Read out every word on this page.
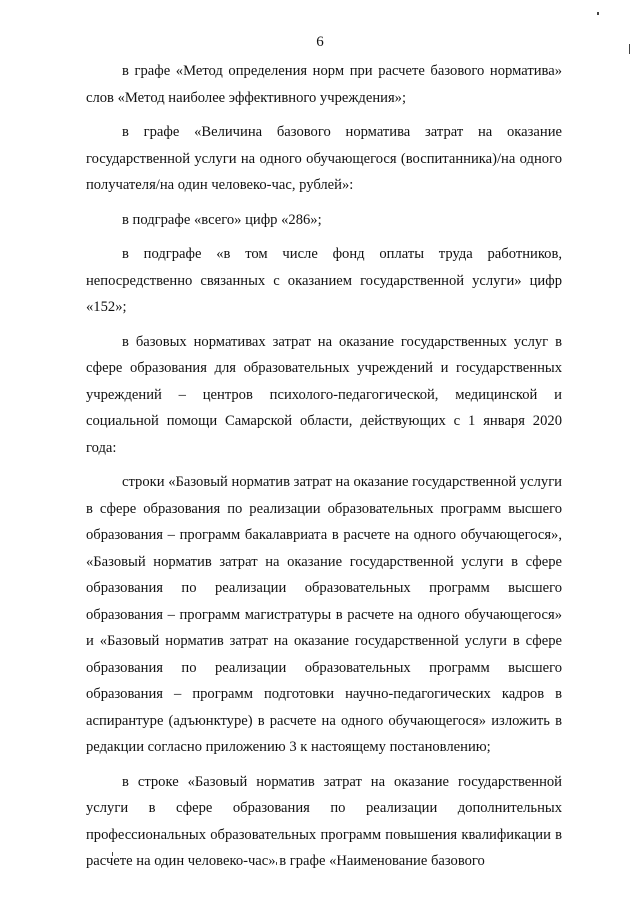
6

в графе «Метод определения норм при расчете базового норматива» слов «Метод наиболее эффективного учреждения»;

в графе «Величина базового норматива затрат на оказание государственной услуги на одного обучающегося (воспитанника)/на одного получателя/на один человеко-час, рублей»:

в подграфе «всего» цифр «286»;

в подграфе «в том числе фонд оплаты труда работников, непосредственно связанных с оказанием государственной услуги» цифр «152»;

в базовых нормативах затрат на оказание государственных услуг в сфере образования для образовательных учреждений и государственных учреждений – центров психолого-педагогической, медицинской и социальной помощи Самарской области, действующих с 1 января 2020 года:

строки «Базовый норматив затрат на оказание государственной услуги в сфере образования по реализации образовательных программ высшего образования – программ бакалавриата в расчете на одного обучающегося», «Базовый норматив затрат на оказание государственной услуги в сфере образования по реализации образовательных программ высшего образования – программ магистратуры в расчете на одного обучающегося» и «Базовый норматив затрат на оказание государственной услуги в сфере образования по реализации образовательных программ высшего образования – программ подготовки научно-педагогических кадров в аспирантуре (адъюнктуре) в расчете на одного обучающегося» изложить в редакции согласно приложению 3 к настоящему постановлению;

в строке «Базовый норматив затрат на оказание государственной услуги в сфере образования по реализации дополнительных профессиональных образовательных программ повышения квалификации в расчете на один человеко-час» в графе «Наименование базового
